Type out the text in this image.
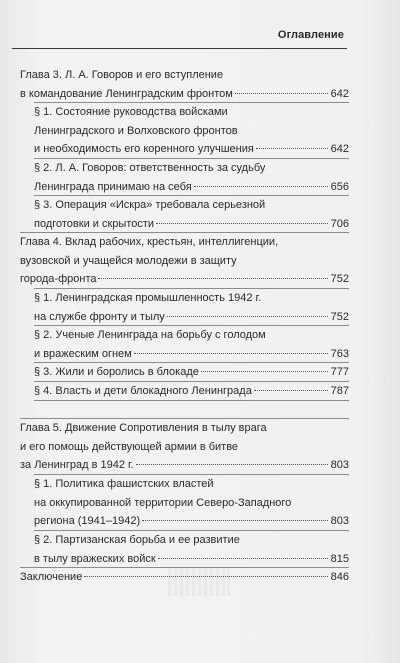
Оглавление
Глава 3. Л. А. Говоров и его вступление
в командование Ленинградским фронтом	642
§ 1. Состояние руководства войсками
Ленинградского и Волховского фронтов
и необходимость его коренного улучшения	642
§ 2. Л. А. Говоров: ответственность за судьбу
Ленинграда принимаю на себя	656
§ 3. Операция «Искра» требовала серьезной
подготовки и скрытости	706
Глава 4. Вклад рабочих, крестьян, интеллигенции,
вузовской и учащейся молодежи в защиту
города-фронта	752
§ 1. Ленинградская промышленность 1942 г.
на службе фронту и тылу	752
§ 2. Ученые Ленинграда на борьбу с голодом
и вражеским огнем	763
§ 3. Жили и боролись в блокаде	777
§ 4. Власть и дети блокадного Ленинграда	787
Глава 5. Движение Сопротивления в тылу врага
и его помощь действующей армии в битве
за Ленинград в 1942 г.	803
§ 1. Политика фашистских властей
на оккупированной территории Северо-Западного
региона (1941–1942)	803
§ 2. Партизанская борьба и ее развитие
в тылу вражеских войск	815
Заключение	846
